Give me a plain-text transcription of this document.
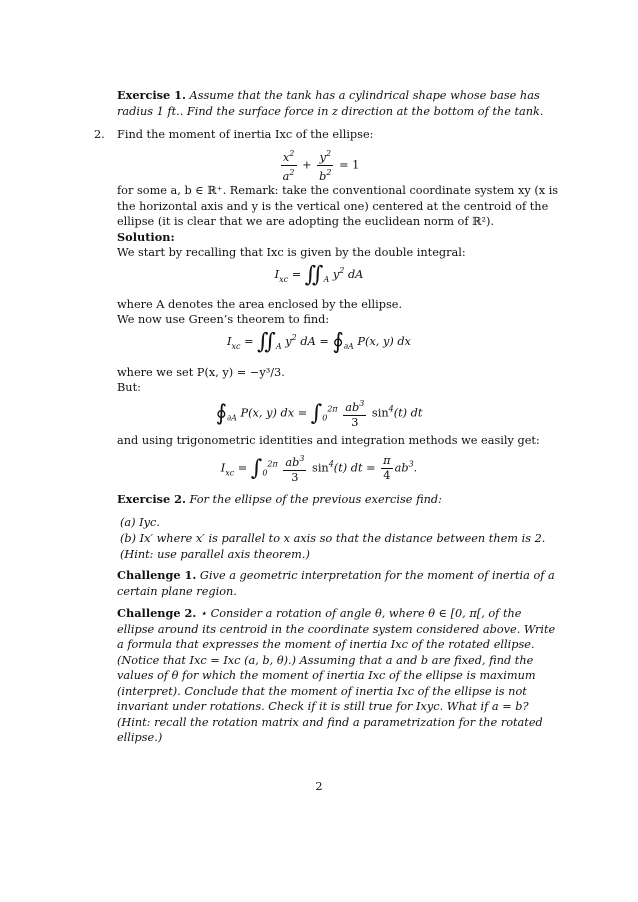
Exercise 1. Assume that the tank has a cylindrical shape whose base has radius 1 ft.. Find the surface force in z direction at the bottom of the tank.
2. Find the moment of inertia Ixc of the ellipse:
$\frac{x^2}{a^2} + \frac{y^2}{b^2} = 1$
for some a, b ∈ ℝ⁺. Remark: take the conventional coordinate system xy (x is the horizontal axis and y is the vertical one) centered at the centroid of the ellipse (it is clear that we are adopting the euclidean norm of ℝ²).
Solution:
We start by recalling that Ixc is given by the double integral:
$I_{xc}$ = $∬_A$ $y^2$ dA
where A denotes the area enclosed by the ellipse.
We now use Green’s theorem to find:
$I_{xc}$ = $∬_A$ $y^2$ dA = $∮_{\partial A}$ P(x, y) dx
where we set P(x, y) = −y³/3.
But:
$∮_{\partial A}$ P(x, y) dx = $\int_0^{2\pi} \frac{ab^3}{3} \sin^4(t)$ dt
and using trigonometric identities and integration methods we easily get:
$I_{xc} = \int_0^{2\pi} \frac{ab^3}{3} \sin^4(t)$ dt = $\frac{\pi}{4} ab^3$.
Exercise 2. For the ellipse of the previous exercise find:
(a) Iyc.
(b) Ix′ where x′ is parallel to x axis so that the distance between them is 2. (Hint: use parallel axis theorem.)
Challenge 1. Give a geometric interpretation for the moment of inertia of a certain plane region.
Challenge 2. ⋆ Consider a rotation of angle θ, where θ ∈ [0, π[, of the ellipse around its centroid in the coordinate system considered above. Write a formula that expresses the moment of inertia Ixc of the rotated ellipse. (Notice that Ixc = Ixc (a, b, θ).) Assuming that a and b are fixed, find the values of θ for which the moment of inertia Ixc of the ellipse is maximum (interpret). Conclude that the moment of inertia Ixc of the ellipse is not invariant under rotations. Check if it is still true for Ixyc. What if a = b? (Hint: recall the rotation matrix and find a parametrization for the rotated ellipse.)
2
